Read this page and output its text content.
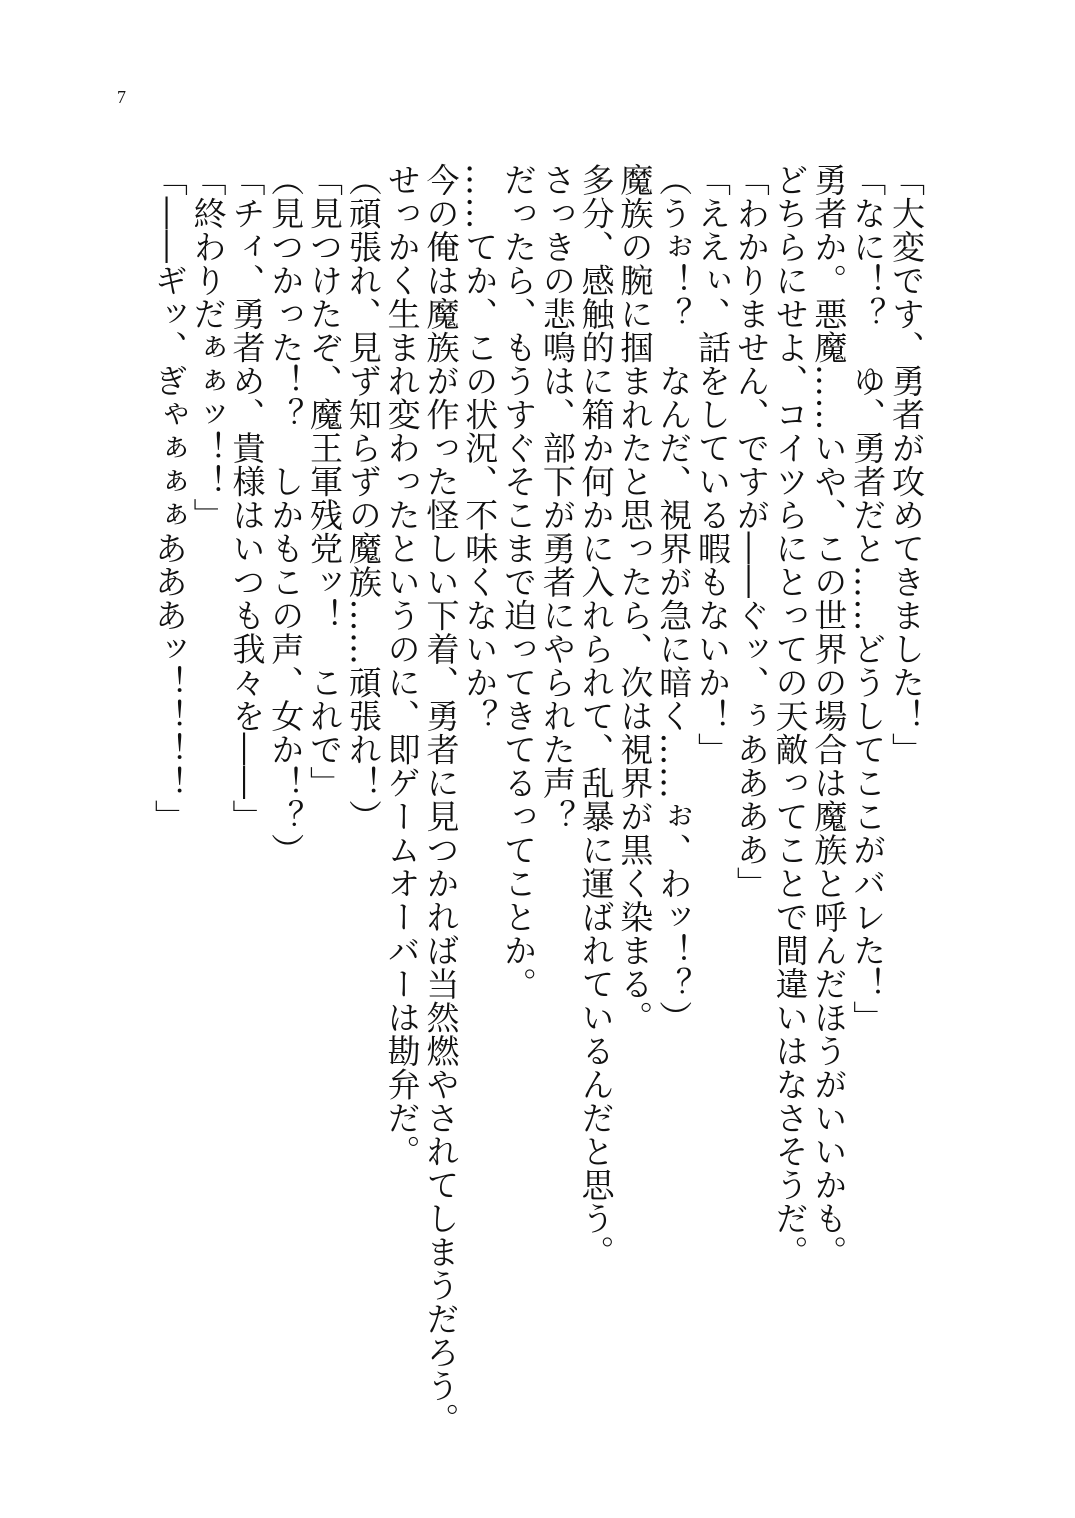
7

「大変です、勇者が攻めてきました！」

「なに！？　ゆ、勇者だと……どうしてここがバレた！」

勇者か。悪魔……いや、この世界の場合は魔族と呼んだほうがいいかも。

どちらにせよ、コイツらにとっての天敵ってことで間違いはなさそうだ。

「わかりません、ですが――ぐッ、ぅああああ」

「ええぃ、話をしている暇もないか！」

（うぉ！？　なんだ、視界が急に暗く……ぉ、わッ！？）

魔族の腕に掴まれたと思ったら、次は視界が黒く染まる。

多分、感触的に箱か何かに入れられて、乱暴に運ばれているんだと思う。

さっきの悲鳴は、部下が勇者にやられた声？

だったら、もうすぐそこまで迫ってきてるってことか。

……てか、この状況、不味くないか？

今の俺は魔族が作った怪しい下着、勇者に見つかれば当然燃やされてしまうだろう。

せっかく生まれ変わったというのに、即ゲームオーバーは勘弁だ。

（頑張れ、見ず知らずの魔族……頑張れ！）

「見つけたぞ、魔王軍残党ッ！　これで」

（見つかった！？　しかもこの声、女か！？）

「チィ、勇者め、貴様はいつも我々を――」

「終わりだぁぁッ！！」

「――ギッ、ぎゃぁぁぁあああッ！！！！」
